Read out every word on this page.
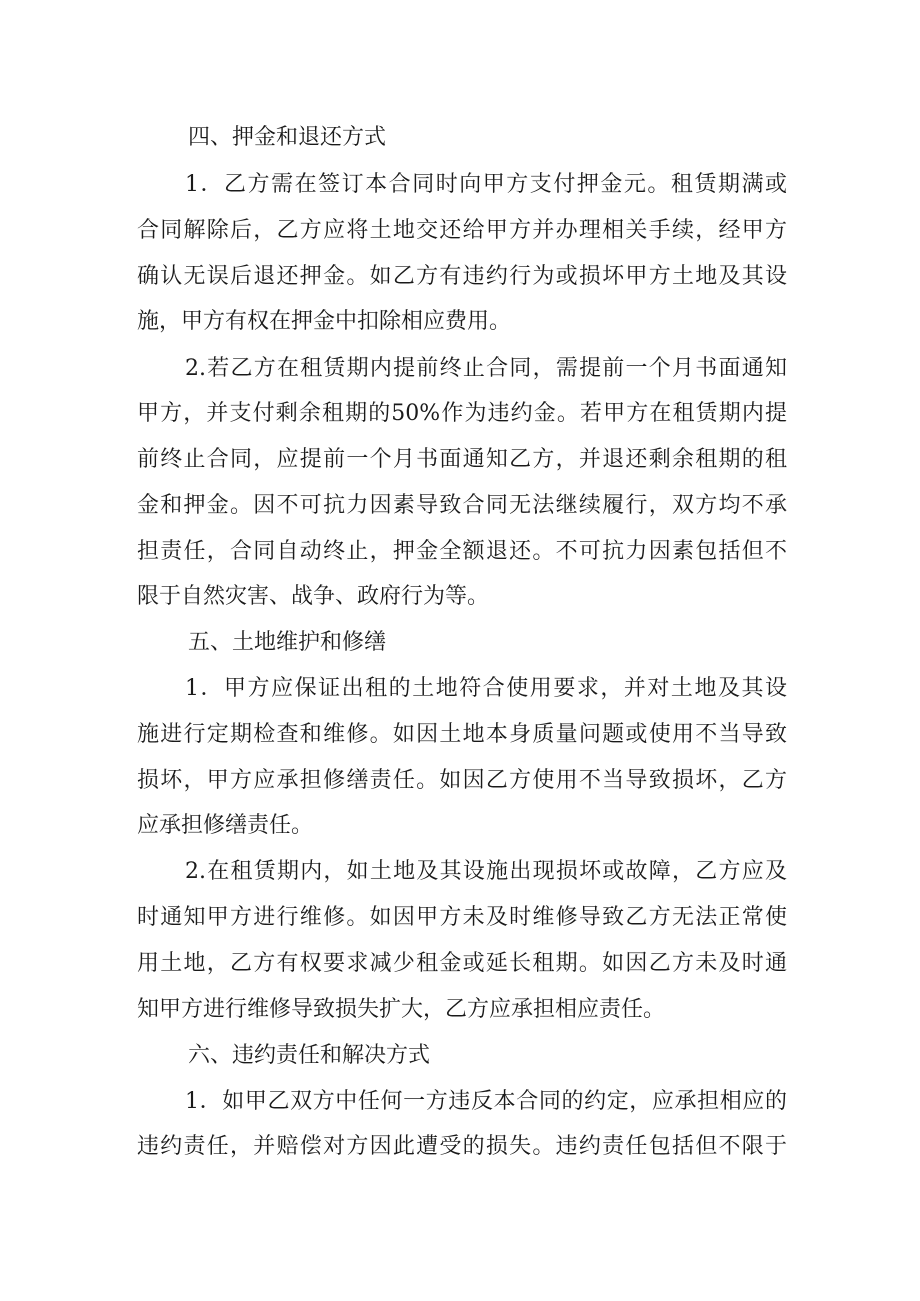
四、押金和退还方式
1．乙方需在签订本合同时向甲方支付押金元。租赁期满或
合同解除后，乙方应将土地交还给甲方并办理相关手续，经甲方
确认无误后退还押金。如乙方有违约行为或损坏甲方土地及其设
施，甲方有权在押金中扣除相应费用。
2.若乙方在租赁期内提前终止合同，需提前一个月书面通知
甲方，并支付剩余租期的50%作为违约金。若甲方在租赁期内提
前终止合同，应提前一个月书面通知乙方，并退还剩余租期的租
金和押金。因不可抗力因素导致合同无法继续履行，双方均不承
担责任，合同自动终止，押金全额退还。不可抗力因素包括但不
限于自然灾害、战争、政府行为等。
五、土地维护和修缮
1．甲方应保证出租的土地符合使用要求，并对土地及其设
施进行定期检查和维修。如因土地本身质量问题或使用不当导致
损坏，甲方应承担修缮责任。如因乙方使用不当导致损坏，乙方
应承担修缮责任。
2.在租赁期内，如土地及其设施出现损坏或故障，乙方应及
时通知甲方进行维修。如因甲方未及时维修导致乙方无法正常使
用土地，乙方有权要求减少租金或延长租期。如因乙方未及时通
知甲方进行维修导致损失扩大，乙方应承担相应责任。
六、违约责任和解决方式
1．如甲乙双方中任何一方违反本合同的约定，应承担相应的
违约责任，并赔偿对方因此遭受的损失。违约责任包括但不限于
